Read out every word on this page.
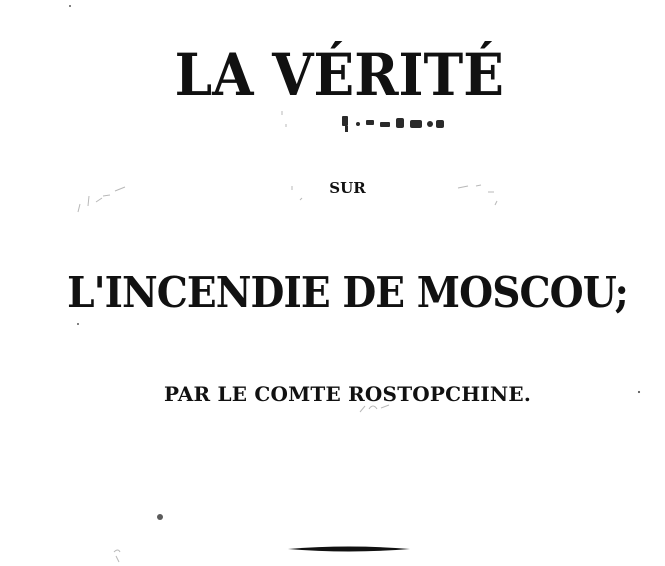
LA VÉRITÉ
SUR
L'INCENDIE DE MOSCOU;
PAR LE COMTE ROSTOPCHINE.
